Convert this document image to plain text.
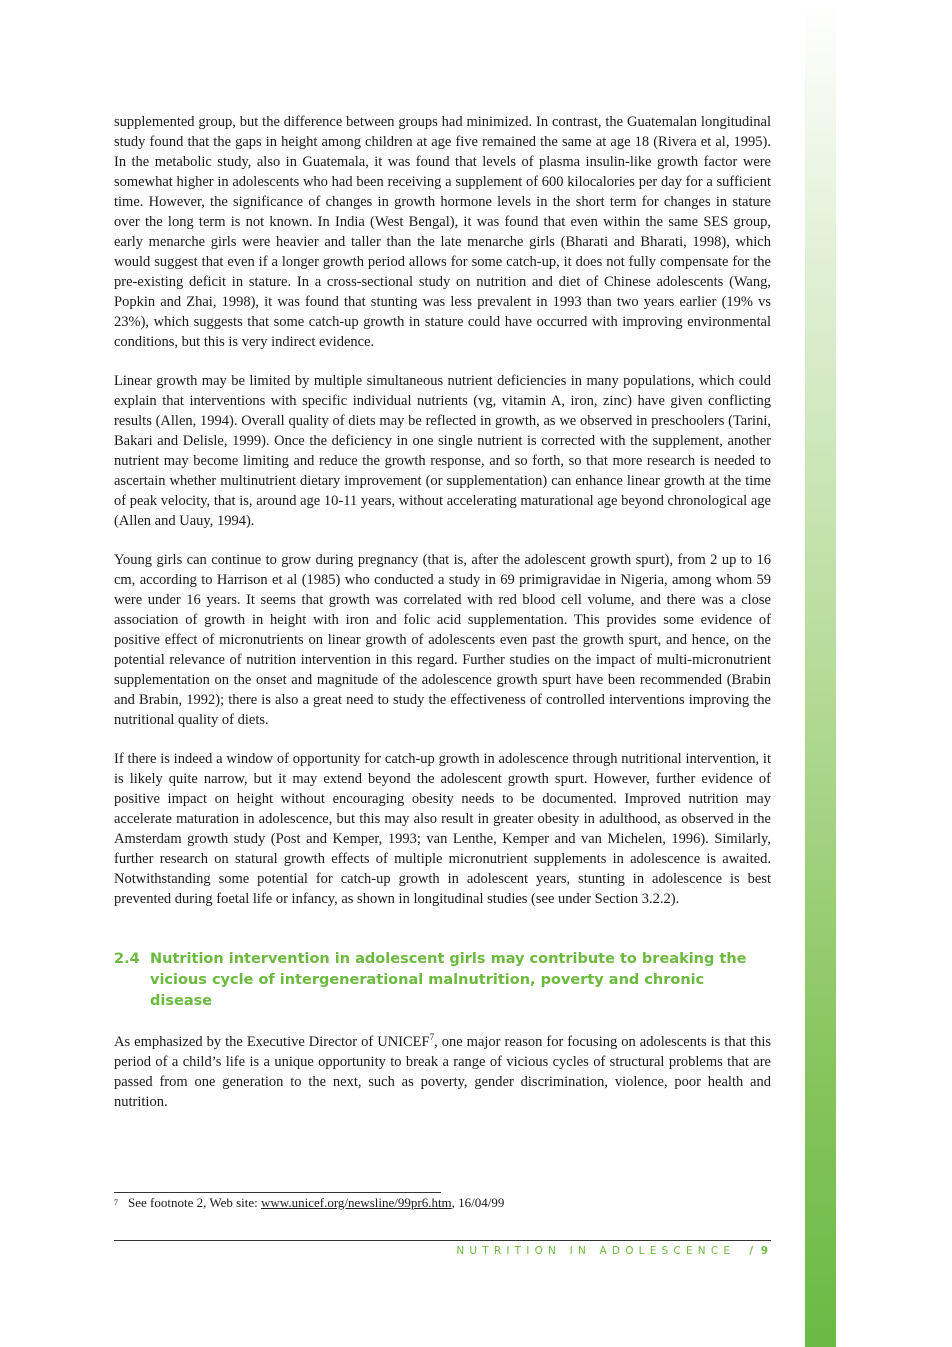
supplemented group, but the difference between groups had minimized. In contrast, the Guatemalan longitudinal study found that the gaps in height among children at age five remained the same at age 18 (Rivera et al, 1995). In the metabolic study, also in Guatemala, it was found that levels of plasma insulin-like growth factor were somewhat higher in adolescents who had been receiving a supplement of 600 kilocalories per day for a sufficient time. However, the significance of changes in growth hormone levels in the short term for changes in stature over the long term is not known. In India (West Bengal), it was found that even within the same SES group, early menarche girls were heavier and taller than the late menarche girls (Bharati and Bharati, 1998), which would suggest that even if a longer growth period allows for some catch-up, it does not fully compensate for the pre-existing deficit in stature. In a cross-sectional study on nutrition and diet of Chinese adolescents (Wang, Popkin and Zhai, 1998), it was found that stunting was less prevalent in 1993 than two years earlier (19% vs 23%), which suggests that some catch-up growth in stature could have occurred with improving environmental conditions, but this is very indirect evidence.

Linear growth may be limited by multiple simultaneous nutrient deficiencies in many populations, which could explain that interventions with specific individual nutrients (vg, vitamin A, iron, zinc) have given conflicting results (Allen, 1994). Overall quality of diets may be reflected in growth, as we observed in preschoolers (Tarini, Bakari and Delisle, 1999). Once the deficiency in one single nutrient is corrected with the supplement, another nutrient may become limiting and reduce the growth response, and so forth, so that more research is needed to ascertain whether multinutrient dietary improvement (or supplementation) can enhance linear growth at the time of peak velocity, that is, around age 10-11 years, without accelerating maturational age beyond chronological age (Allen and Uauy, 1994).

Young girls can continue to grow during pregnancy (that is, after the adolescent growth spurt), from 2 up to 16 cm, according to Harrison et al (1985) who conducted a study in 69 primigravidae in Nigeria, among whom 59 were under 16 years. It seems that growth was correlated with red blood cell volume, and there was a close association of growth in height with iron and folic acid supplementation. This provides some evidence of positive effect of micronutrients on linear growth of adolescents even past the growth spurt, and hence, on the potential relevance of nutrition intervention in this regard. Further studies on the impact of multi-micronutrient supplementation on the onset and magnitude of the adolescence growth spurt have been recommended (Brabin and Brabin, 1992); there is also a great need to study the effectiveness of controlled interventions improving the nutritional quality of diets.

If there is indeed a window of opportunity for catch-up growth in adolescence through nutritional intervention, it is likely quite narrow, but it may extend beyond the adolescent growth spurt. However, further evidence of positive impact on height without encouraging obesity needs to be documented. Improved nutrition may accelerate maturation in adolescence, but this may also result in greater obesity in adulthood, as observed in the Amsterdam growth study (Post and Kemper, 1993; van Lenthe, Kemper and van Michelen, 1996). Similarly, further research on statural growth effects of multiple micronutrient supplements in adolescence is awaited. Notwithstanding some potential for catch-up growth in adolescent years, stunting in adolescence is best prevented during foetal life or infancy, as shown in longitudinal studies (see under Section 3.2.2).

2.4 Nutrition intervention in adolescent girls may contribute to breaking the vicious cycle of intergenerational malnutrition, poverty and chronic disease

As emphasized by the Executive Director of UNICEF$^7$, one major reason for focusing on adolescents is that this period of a child’s life is a unique opportunity to break a range of vicious cycles of structural problems that are passed from one generation to the next, such as poverty, gender discrimination, violence, poor health and nutrition.

$^7$ See footnote 2, Web site: www.unicef.org/newsline/99pr6.htm, 16/04/99
NUTRITION IN ADOLESCENCE / 9
